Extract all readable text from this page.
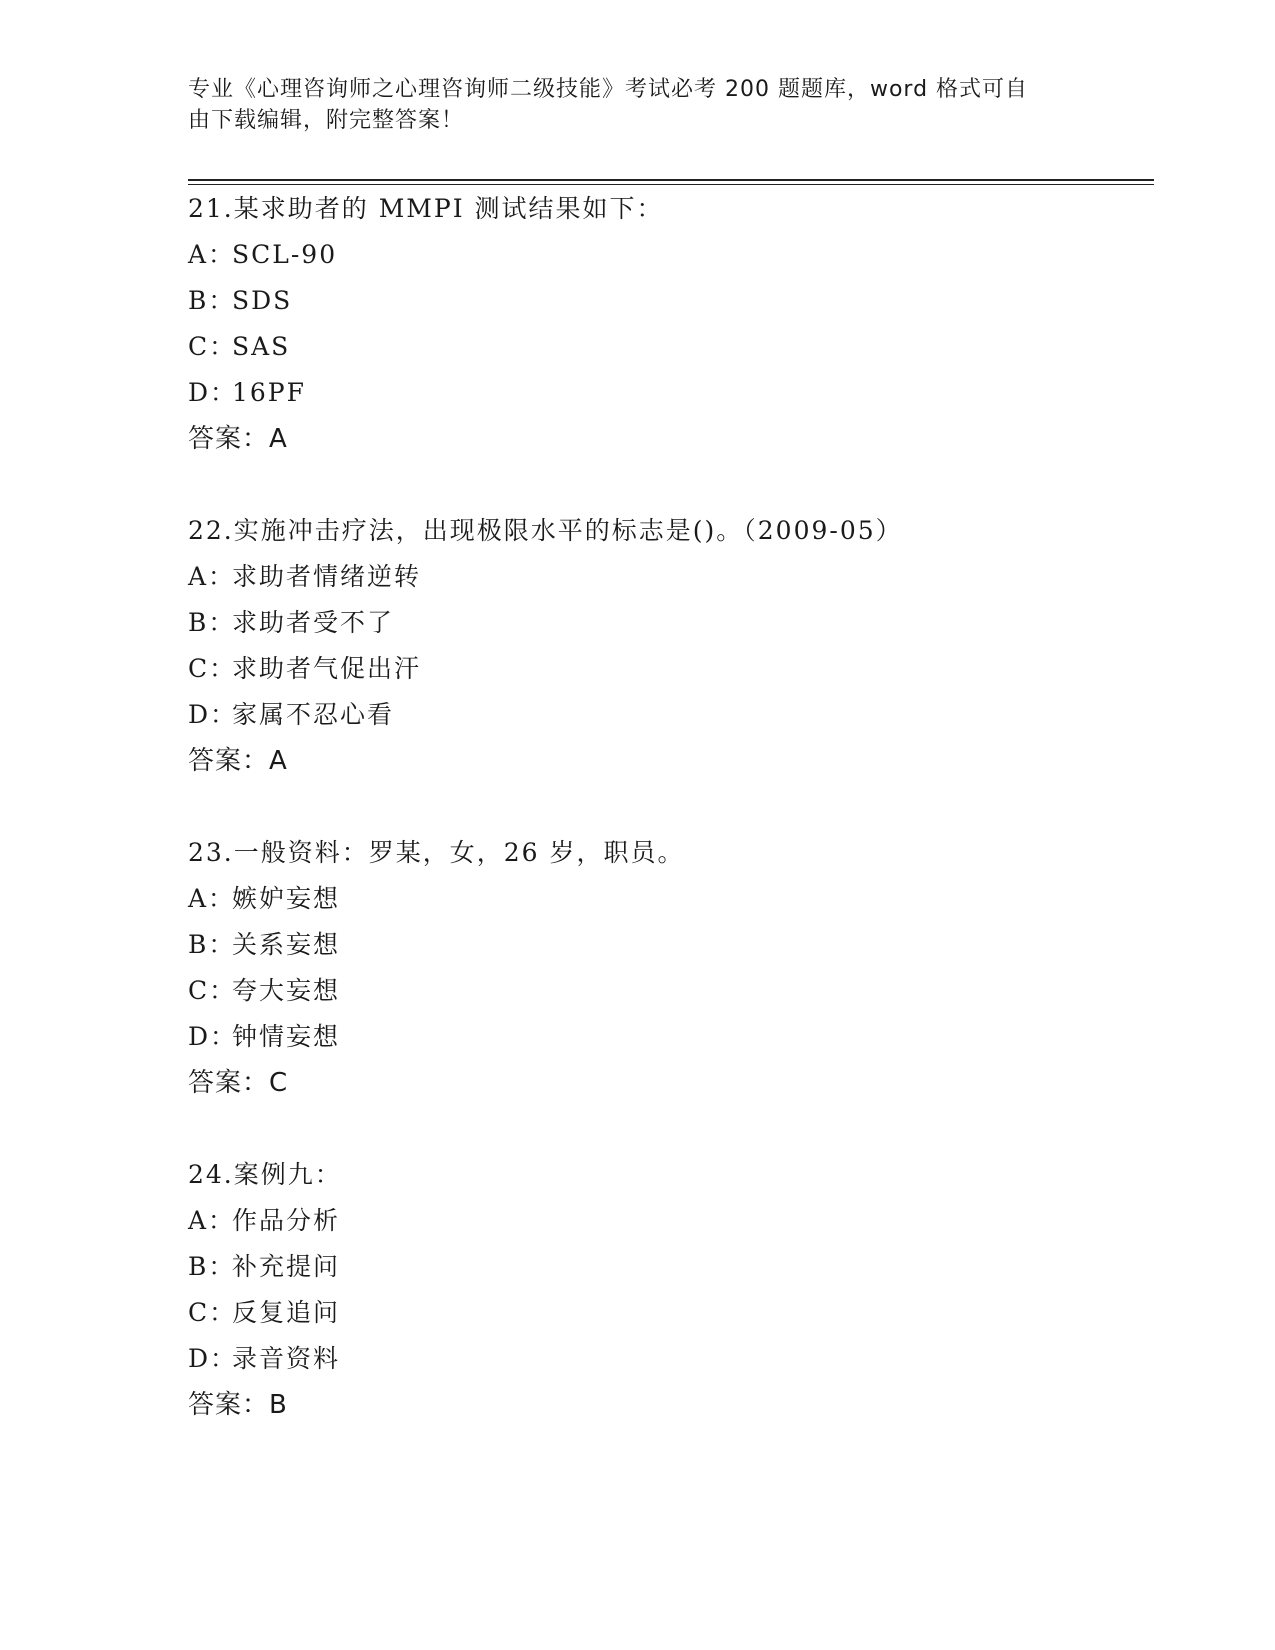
专业《心理咨询师之心理咨询师二级技能》考试必考 200 题题库，word 格式可自
由下载编辑，附完整答案！
21.某求助者的 MMPI 测试结果如下：
A：SCL-90
B：SDS
C：SAS
D：16PF
答案：A
22.实施冲击疗法，出现极限水平的标志是()。（2009-05）
A：求助者情绪逆转
B：求助者受不了
C：求助者气促出汗
D：家属不忍心看
答案：A
23.一般资料：罗某，女，26 岁，职员。
A：嫉妒妄想
B：关系妄想
C：夸大妄想
D：钟情妄想
答案：C
24.案例九：
A：作品分析
B：补充提问
C：反复追问
D：录音资料
答案：B
